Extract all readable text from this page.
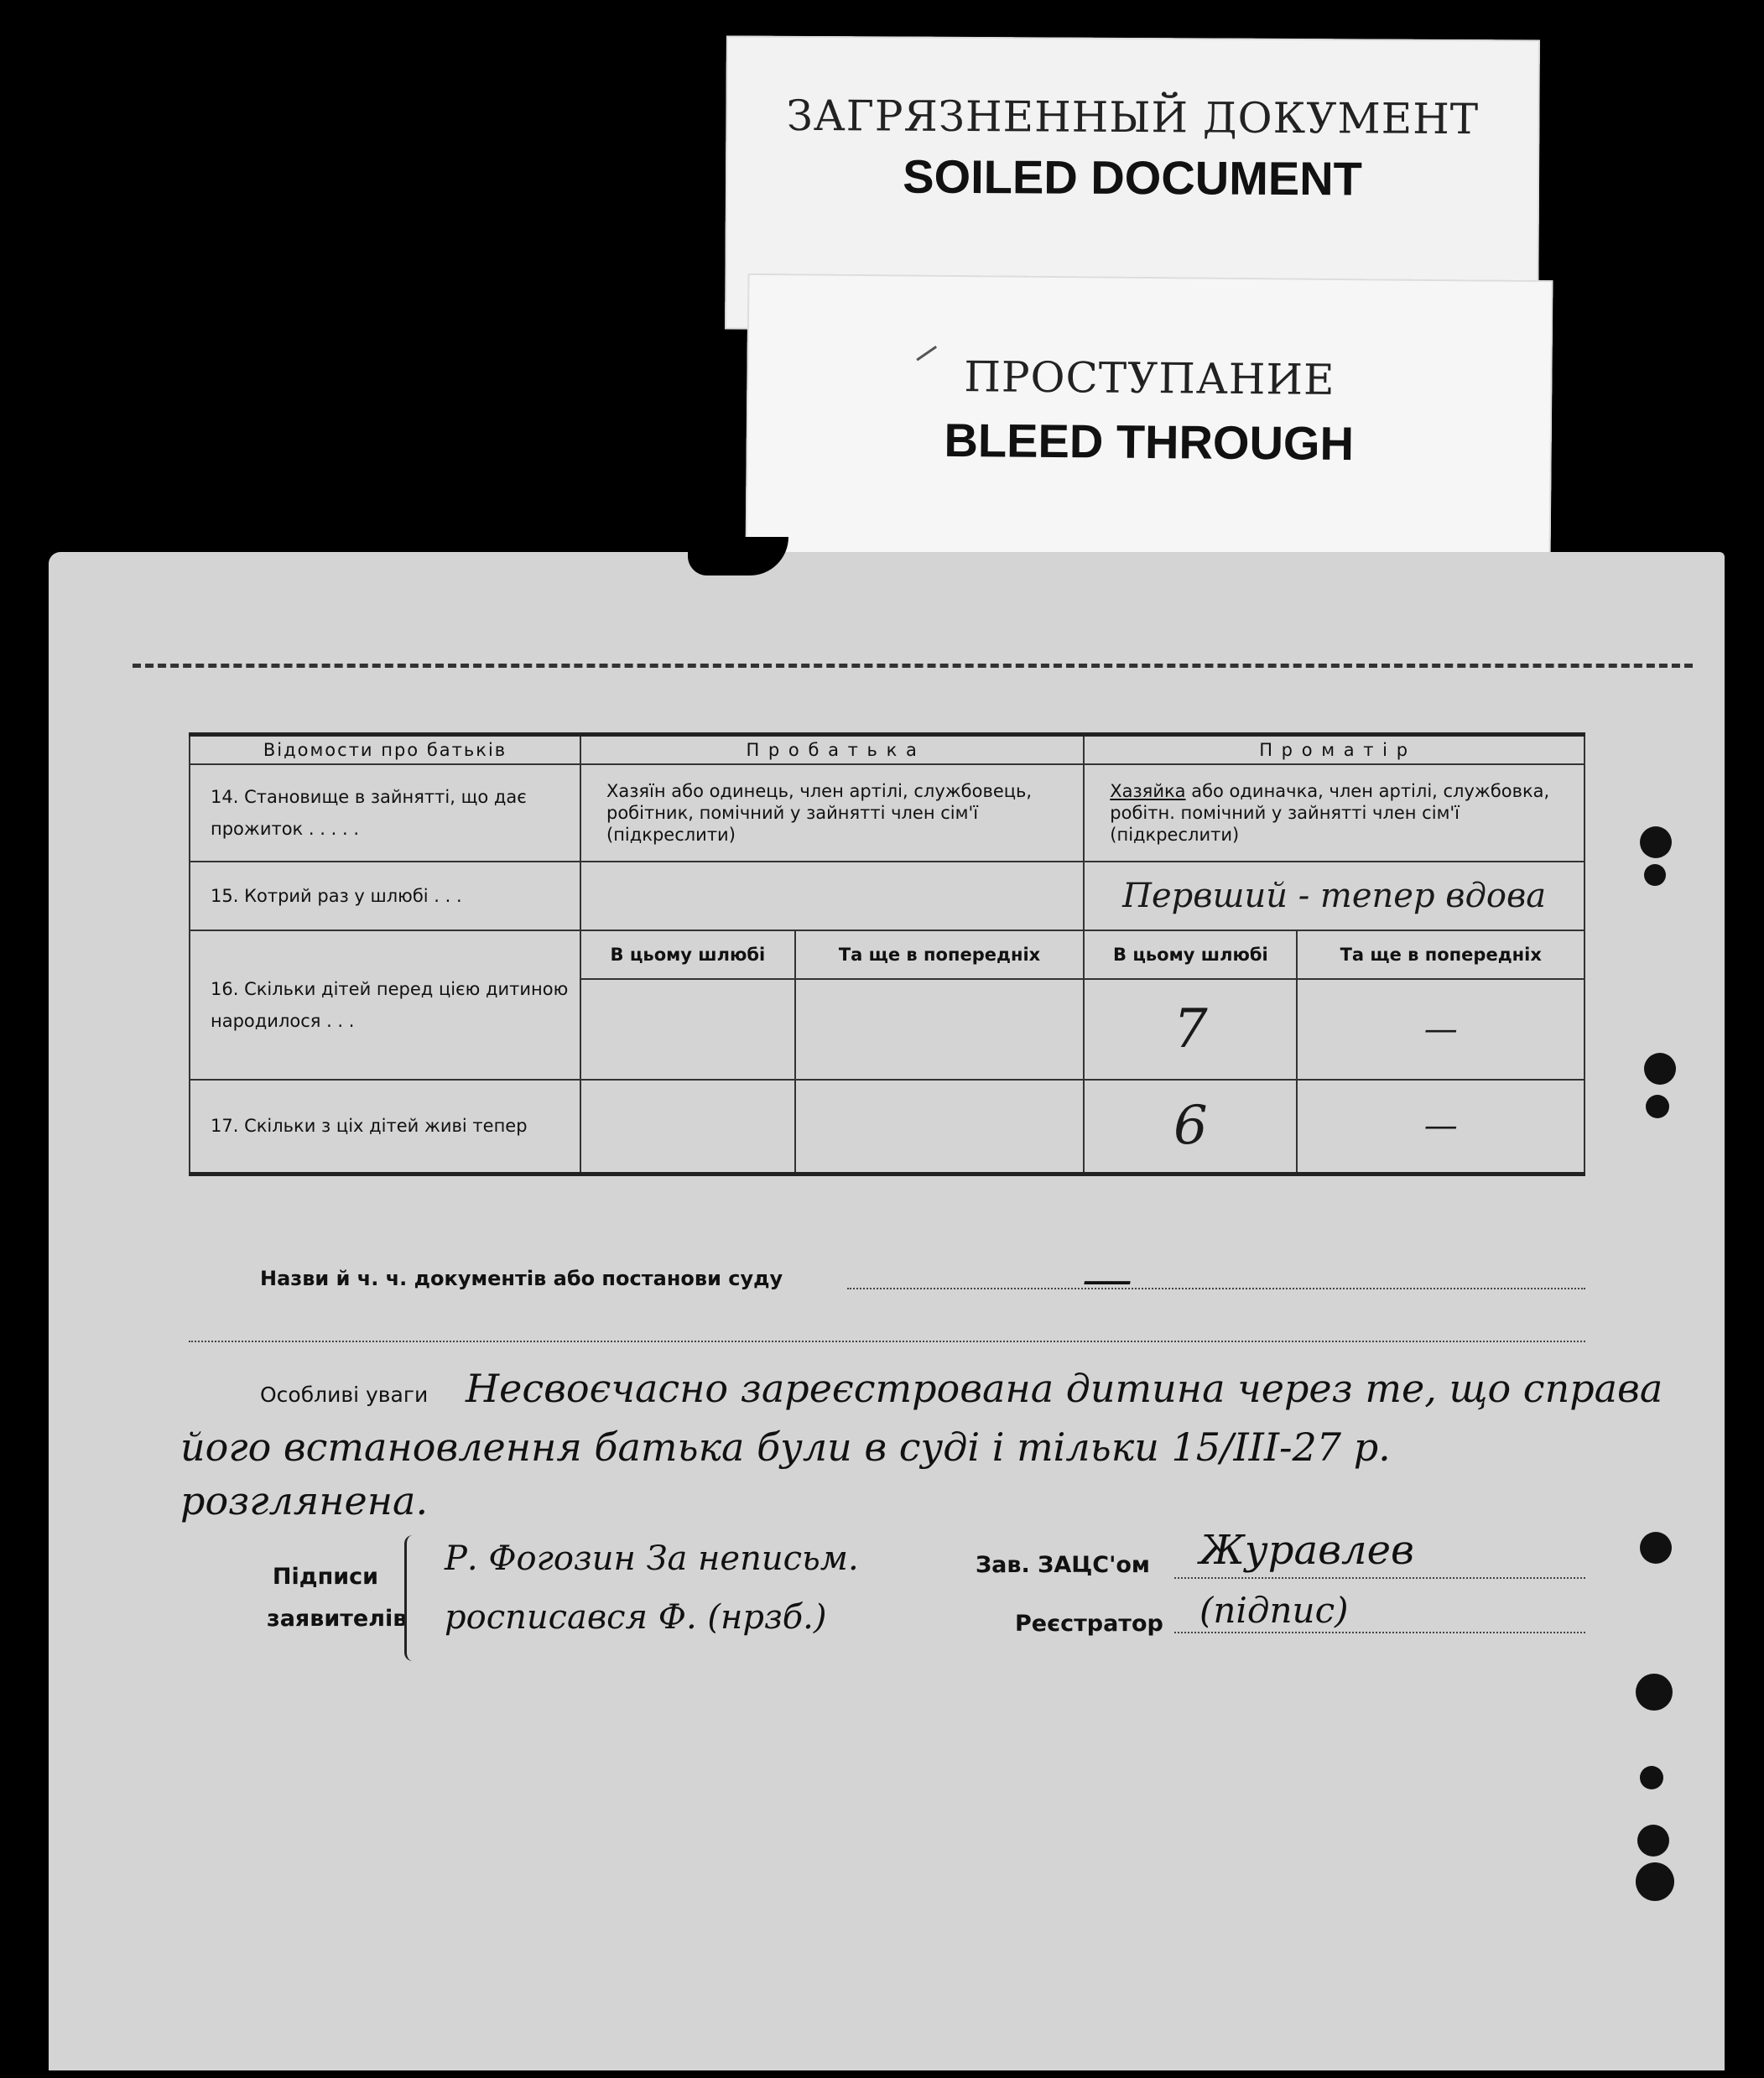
ЗАГРЯЗНЕННЫЙ ДОКУМЕНТ
SOILED DOCUMENT
ПРОСТУПАНИЕ
BLEED THROUGH
Відомости про батьків	П р о б а т ь к а		П р о м а т і р	
14. Становище в зайнятті, що дає прожиток . . . . .	Хазяїн або одинець, член артілі, службовець, робітник, помічний у зайнятті член сім'ї (підкреслити)		Хазяйка або одиначка, член артілі, службовка, робітн. помічний у зайнятті член сім'ї (підкреслити)	
15. Котрий раз у шлюбі . . .			Первший - тепер вдова	
16. Скільки дітей перед цією дитиною народилося . . .	В цьому шлюбі	Та ще в попередніх	В цьому шлюбі	Та ще в попередніх
			7	—
17. Скільки з ціх дітей живі тепер			6	—
Назви й ч. ч. документів або постанови суду	—
Особливі уваги Несвоєчасно зареєстрована дитина через те, що справа
його встановлення батька були в суді і тільки 15/ІІІ-27 р.
розглянена.
Підписи заявителів
Р. Фогозин За неписьм.
росписався Ф. (нрзб.)
Зав. ЗАЦС'ом Журавлев
Реєстратор (підпис)
